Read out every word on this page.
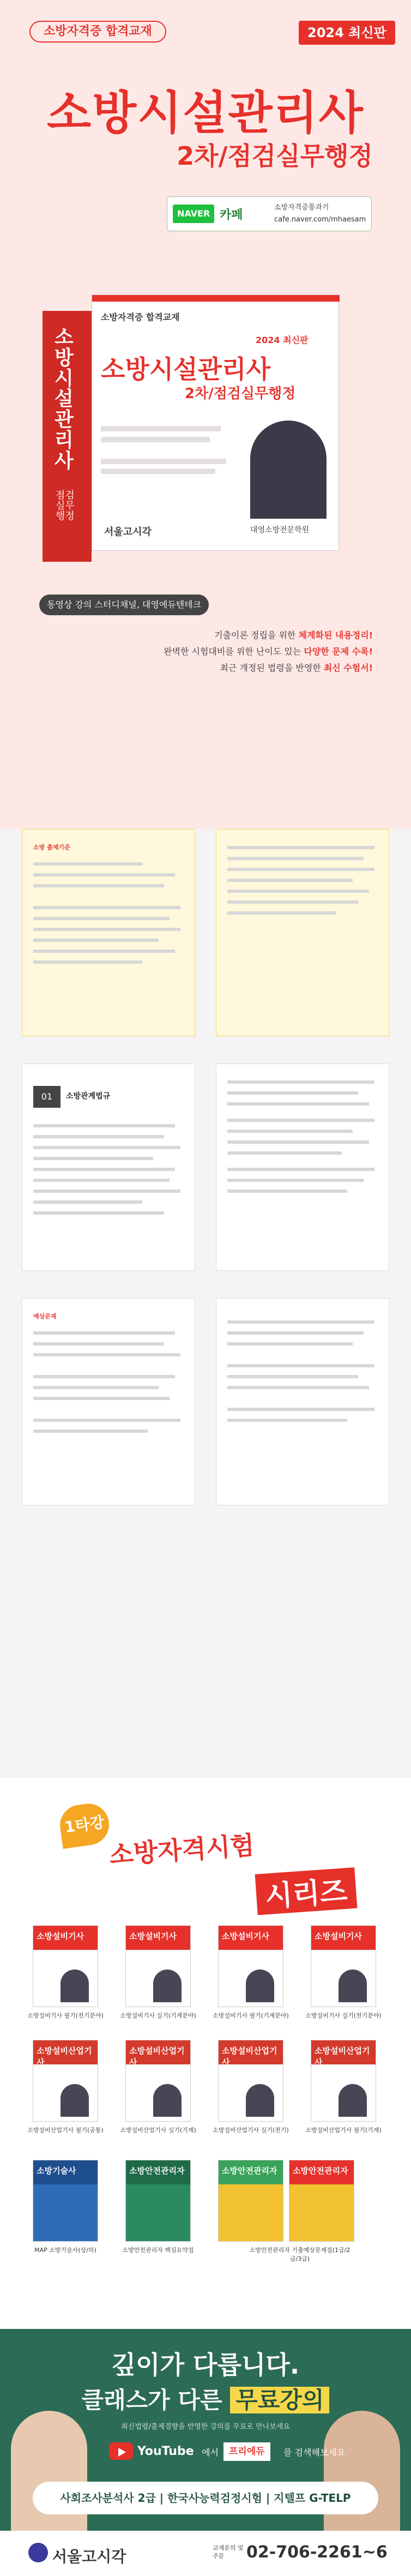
소방자격증 합격교재	2024 최신판
소방시설관리사
2차/점검실무행정
NAVER 카페
소방자격증통과기
cafe.naver.com/mhaesam
소방시설관리사
점검실무행정
소방자격증 합격교재
2024 최신판
소방시설관리사
2차/점검실무행정
서울고시각	대영소방전문학원
동영상 강의 스터디채널, 대영에듀텐테크
기출이론 정립을 위한 체계화된 내용정리!
완벽한 시험대비를 위한 난이도 있는 다양한 문제 수록!
최근 개정된 법령을 반영한 최신 수험서!
소방 출제기준
01	소방관계법규
예상문제
1타강사 소방자격시험
시리즈
소방설비기사
소방설비기사 필기(전기분야)
소방설비기사
소방설비기사 실기(기계분야)
소방설비기사
소방설비기사 필기(기계분야)
소방설비기사
소방설비기사 실기(전기분야)
소방설비산업기사
소방설비산업기사 필기(공통)
소방설비산업기사
소방설비산업기사 실기(기계)
소방설비산업기사
소방설비산업기사 실기(전기)
소방설비산업기사
소방설비산업기사 필기(기계)
소방기술사
MAP 소방기술사(상/하)
소방안전관리자
소방안전관리자 핵심요약집
소방안전관리자
소방안전관리자 기출예상문제집(1급/2급/3급)
소방안전관리자
깊이가 다릅니다.
클래스가 다른 무료강의
최신법령/출제경향을 반영한 강의를 무료로 만나보세요
YouTube 에서	프리에듀	를 검색해보세요
사회조사분석사 2급 | 한국사능력검정시험 | 지텔프 G-TELP
서울고시각	교재문의 및 주문	02-706-2261~6
